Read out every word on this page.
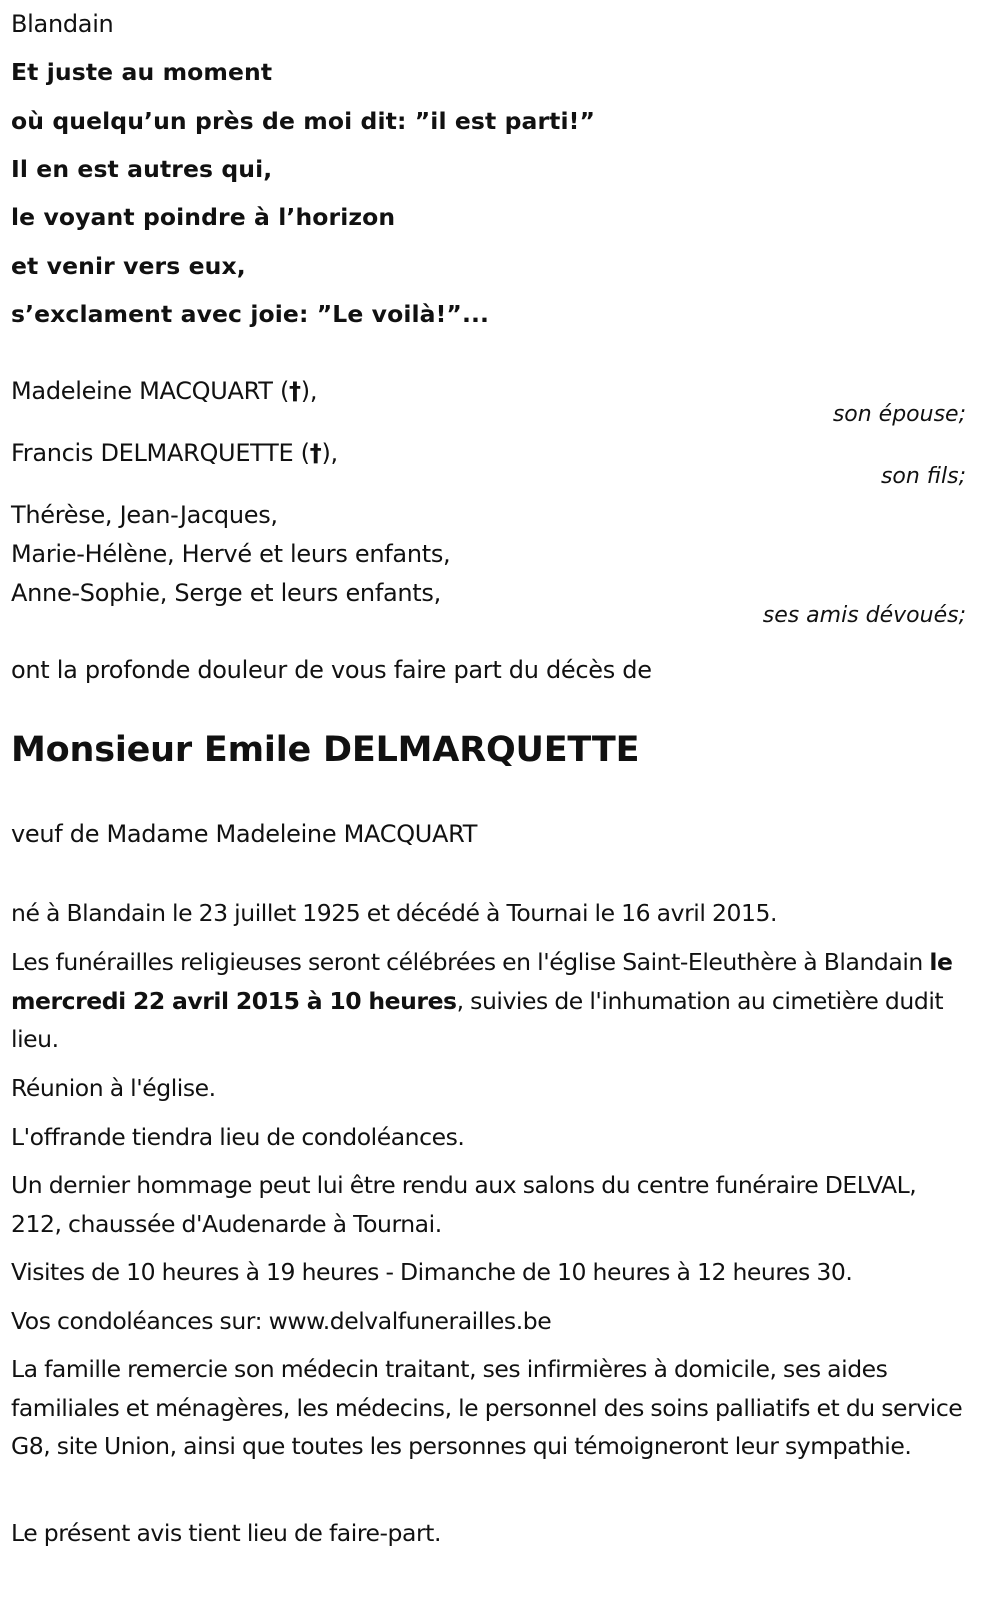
Blandain
Et juste au moment
où quelqu’un près de moi dit: ”il est parti!”
Il en est autres qui,
le voyant poindre à l’horizon
et venir vers eux,
s’exclament avec joie: ”Le voilà!”...
Madeleine MACQUART (†),
son épouse;
Francis DELMARQUETTE (†),
son fils;
Thérèse, Jean-Jacques,
Marie-Hélène, Hervé et leurs enfants,
Anne-Sophie, Serge et leurs enfants,
ses amis dévoués;
ont la profonde douleur de vous faire part du décès de
Monsieur Emile DELMARQUETTE
veuf de Madame Madeleine MACQUART
né à Blandain le 23 juillet 1925 et décédé à Tournai le 16 avril 2015.
Les funérailles religieuses seront célébrées en l'église Saint-Eleuthère à Blandain le mercredi 22 avril 2015 à 10 heures, suivies de l'inhumation au cimetière dudit lieu.
Réunion à l'église.
L'offrande tiendra lieu de condoléances.
Un dernier hommage peut lui être rendu aux salons du centre funéraire DELVAL, 212, chaussée d'Audenarde à Tournai.
Visites de 10 heures à 19 heures - Dimanche de 10 heures à 12 heures 30.
Vos condoléances sur: www.delvalfunerailles.be
La famille remercie son médecin traitant, ses infirmières à domicile, ses aides familiales et ménagères, les médecins, le personnel des soins palliatifs et du service G8, site Union, ainsi que toutes les personnes qui témoigneront leur sympathie.
Le présent avis tient lieu de faire-part.
